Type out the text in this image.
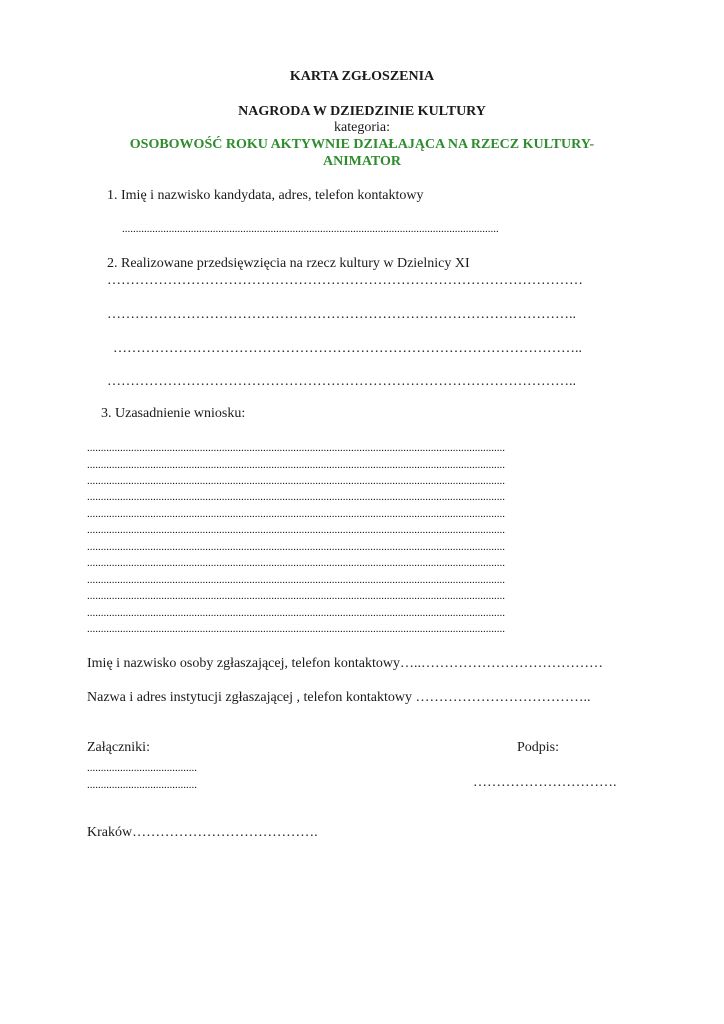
KARTA ZGŁOSZENIA
NAGRODA W DZIEDZINIE KULTURY
kategoria:
OSOBOWOŚĆ ROKU AKTYWNIE DZIAŁAJĄCA NA RZECZ KULTURY-
ANIMATOR
1. Imię i nazwisko kandydata, adres, telefon kontaktowy
.........................................................................................................................................
2. Realizowane przedsięwzięcia na rzecz kultury w Dzielnicy XI
…………………………………………………………………………………………
………………………………………………………………………………………..
………………………………………………………………………………………..
………………………………………………………………………………………..
3. Uzasadnienie wniosku:
........................................................................................................................................................
........................................................................................................................................................
........................................................................................................................................................
........................................................................................................................................................
........................................................................................................................................................
........................................................................................................................................................
........................................................................................................................................................
........................................................................................................................................................
........................................................................................................................................................
........................................................................................................................................................
........................................................................................................................................................
........................................................................................................................................................
Imię i nazwisko osoby zgłaszającej, telefon kontaktowy…..…………………………………
Nazwa i adres instytucji zgłaszającej , telefon kontaktowy ………………………………..
Załączniki:	Podpis:
........................................
........................................	………………………….
Kraków………………………………….
